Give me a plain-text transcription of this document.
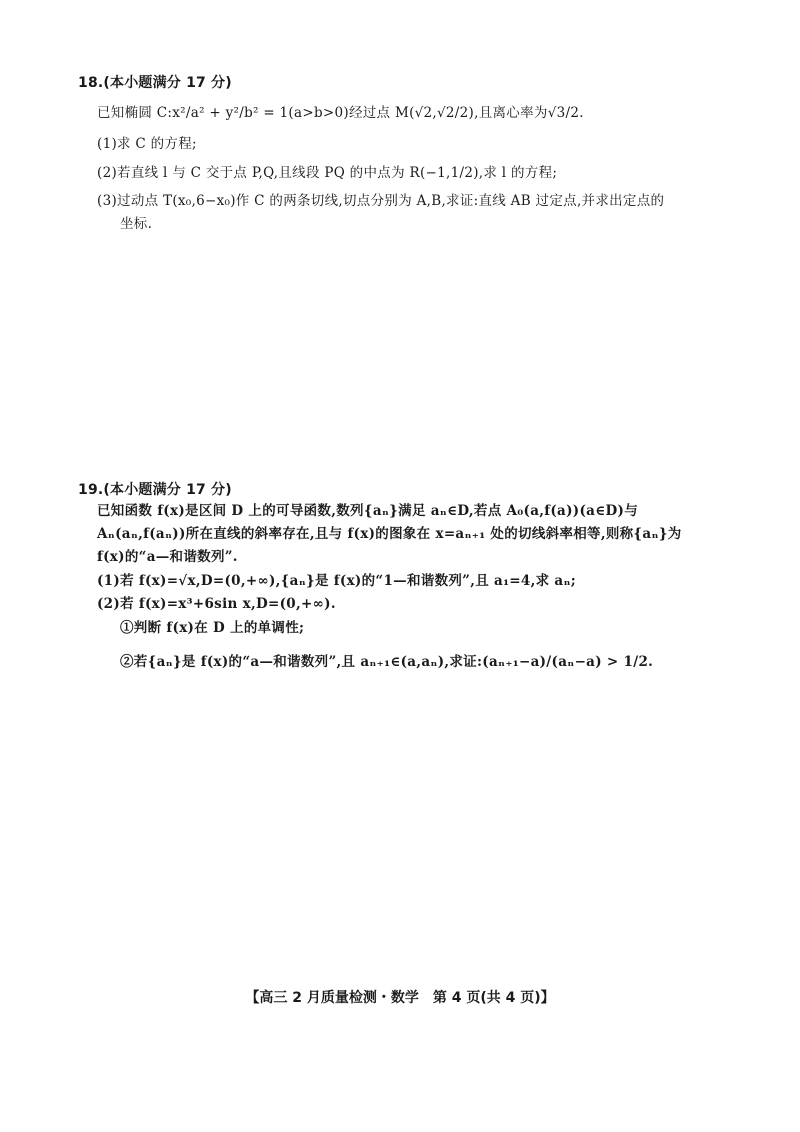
18.(本小题满分 17 分)
已知椭圆 C:x²/a² + y²/b² = 1(a>b>0)经过点 M(√2,√2/2),且离心率为√3/2.
(1)求 C 的方程;
(2)若直线 l 与 C 交于点 P,Q,且线段 PQ 的中点为 R(−1,1/2),求 l 的方程;
(3)过动点 T(x₀,6−x₀)作 C 的两条切线,切点分别为 A,B,求证:直线 AB 过定点,并求出定点的
坐标.
19.(本小题满分 17 分)
已知函数 f(x)是区间 D 上的可导函数,数列{aₙ}满足 aₙ∈D,若点 A₀(a,f(a))(a∈D)与
Aₙ(aₙ,f(aₙ))所在直线的斜率存在,且与 f(x)的图象在 x=aₙ₊₁ 处的切线斜率相等,则称{aₙ}为
f(x)的“a—和谐数列”.
(1)若 f(x)=√x,D=(0,+∞),{aₙ}是 f(x)的“1—和谐数列”,且 a₁=4,求 aₙ;
(2)若 f(x)=x³+6sin x,D=(0,+∞).
①判断 f(x)在 D 上的单调性;
②若{aₙ}是 f(x)的“a—和谐数列”,且 aₙ₊₁∈(a,aₙ),求证:(aₙ₊₁−a)/(aₙ−a) > 1/2.
【高三 2 月质量检测・数学　第 4 页(共 4 页)】
